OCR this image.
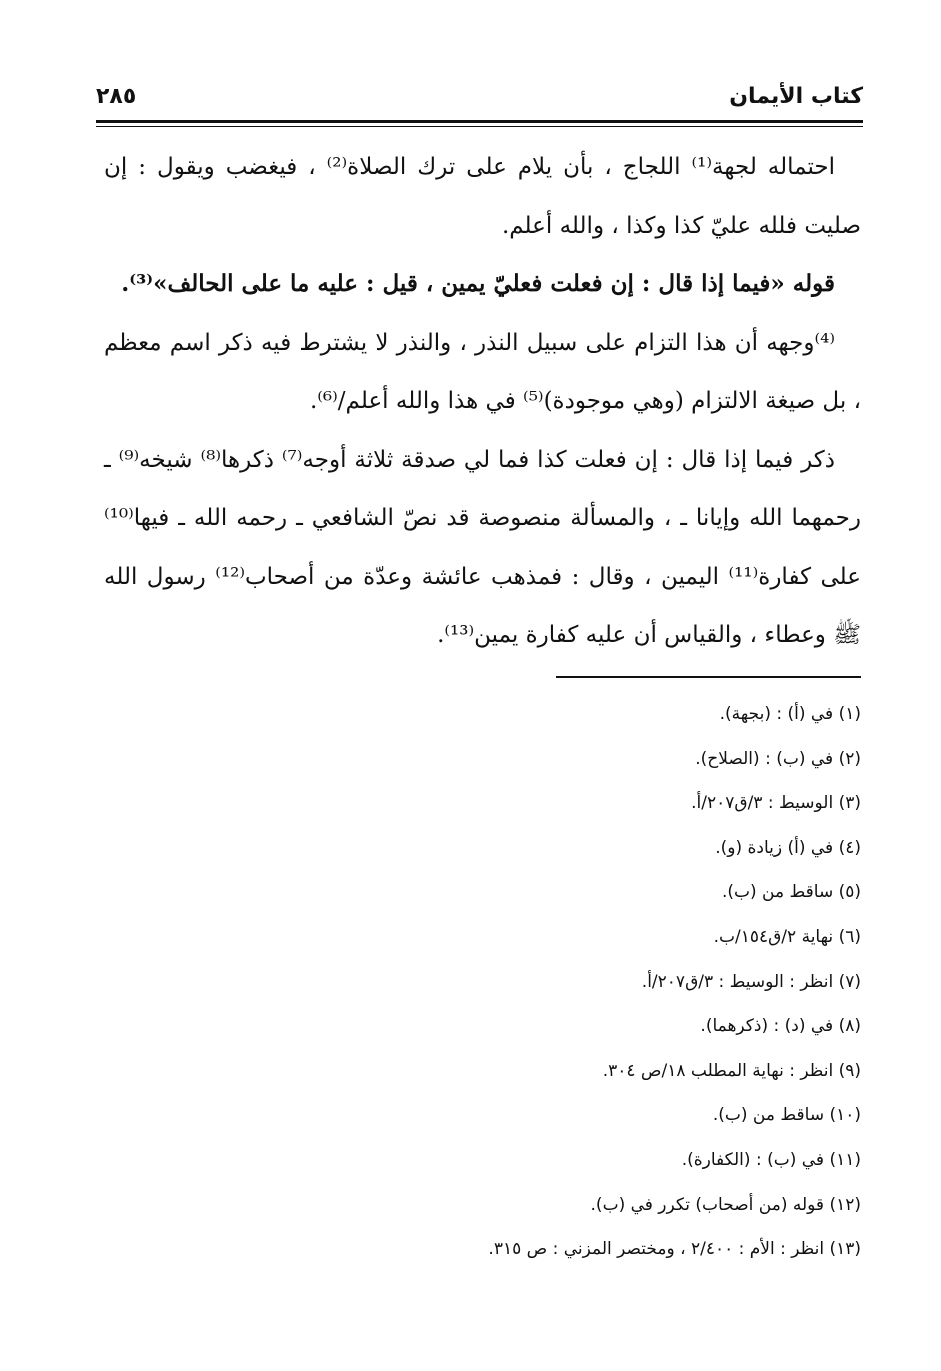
كتاب الأيمان
٢٨٥

احتماله لجهة⁽¹⁾ اللجاج ، بأن يلام على ترك الصلاة⁽²⁾ ، فيغضب ويقول : إن صليت فلله عليّ كذا وكذا ، والله أعلم.

قوله «فيما إذا قال : إن فعلت فعليّ يمين ، قيل : عليه ما على الحالف»⁽³⁾.

⁽⁴⁾وجهه أن هذا التزام على سبيل النذر ، والنذر لا يشترط فيه ذكر اسم معظم ، بل صيغة الالتزام (وهي موجودة)⁽⁵⁾ في هذا والله أعلم/⁽⁶⁾.

ذكر فيما إذا قال : إن فعلت كذا فما لي صدقة ثلاثة أوجه⁽⁷⁾ ذكرها⁽⁸⁾ شيخه⁽⁹⁾ ـ رحمهما الله وإيانا ـ ، والمسألة منصوصة قد نصّ الشافعي ـ رحمه الله ـ فيها⁽¹⁰⁾ على كفارة⁽¹¹⁾ اليمين ، وقال : فمذهب عائشة وعدّة من أصحاب⁽¹²⁾ رسول الله ﷺ وعطاء ، والقياس أن عليه كفارة يمين⁽¹³⁾.

(١) في (أ) : (بجهة).

(٢) في (ب) : (الصلاح).

(٣) الوسيط : ٣/ق٢٠٧/أ.

(٤) في (أ) زيادة (و).

(٥) ساقط من (ب).

(٦) نهاية ٢/ق١٥٤/ب.

(٧) انظر : الوسيط : ٣/ق٢٠٧/أ.

(٨) في (د) : (ذكرهما).

(٩) انظر : نهاية المطلب ١٨/ص ٣٠٤.

(١٠) ساقط من (ب).

(١١) في (ب) : (الكفارة).

(١٢) قوله (من أصحاب) تكرر في (ب).

(١٣) انظر : الأم : ٢/٤٠٠ ، ومختصر المزني : ص ٣١٥.
